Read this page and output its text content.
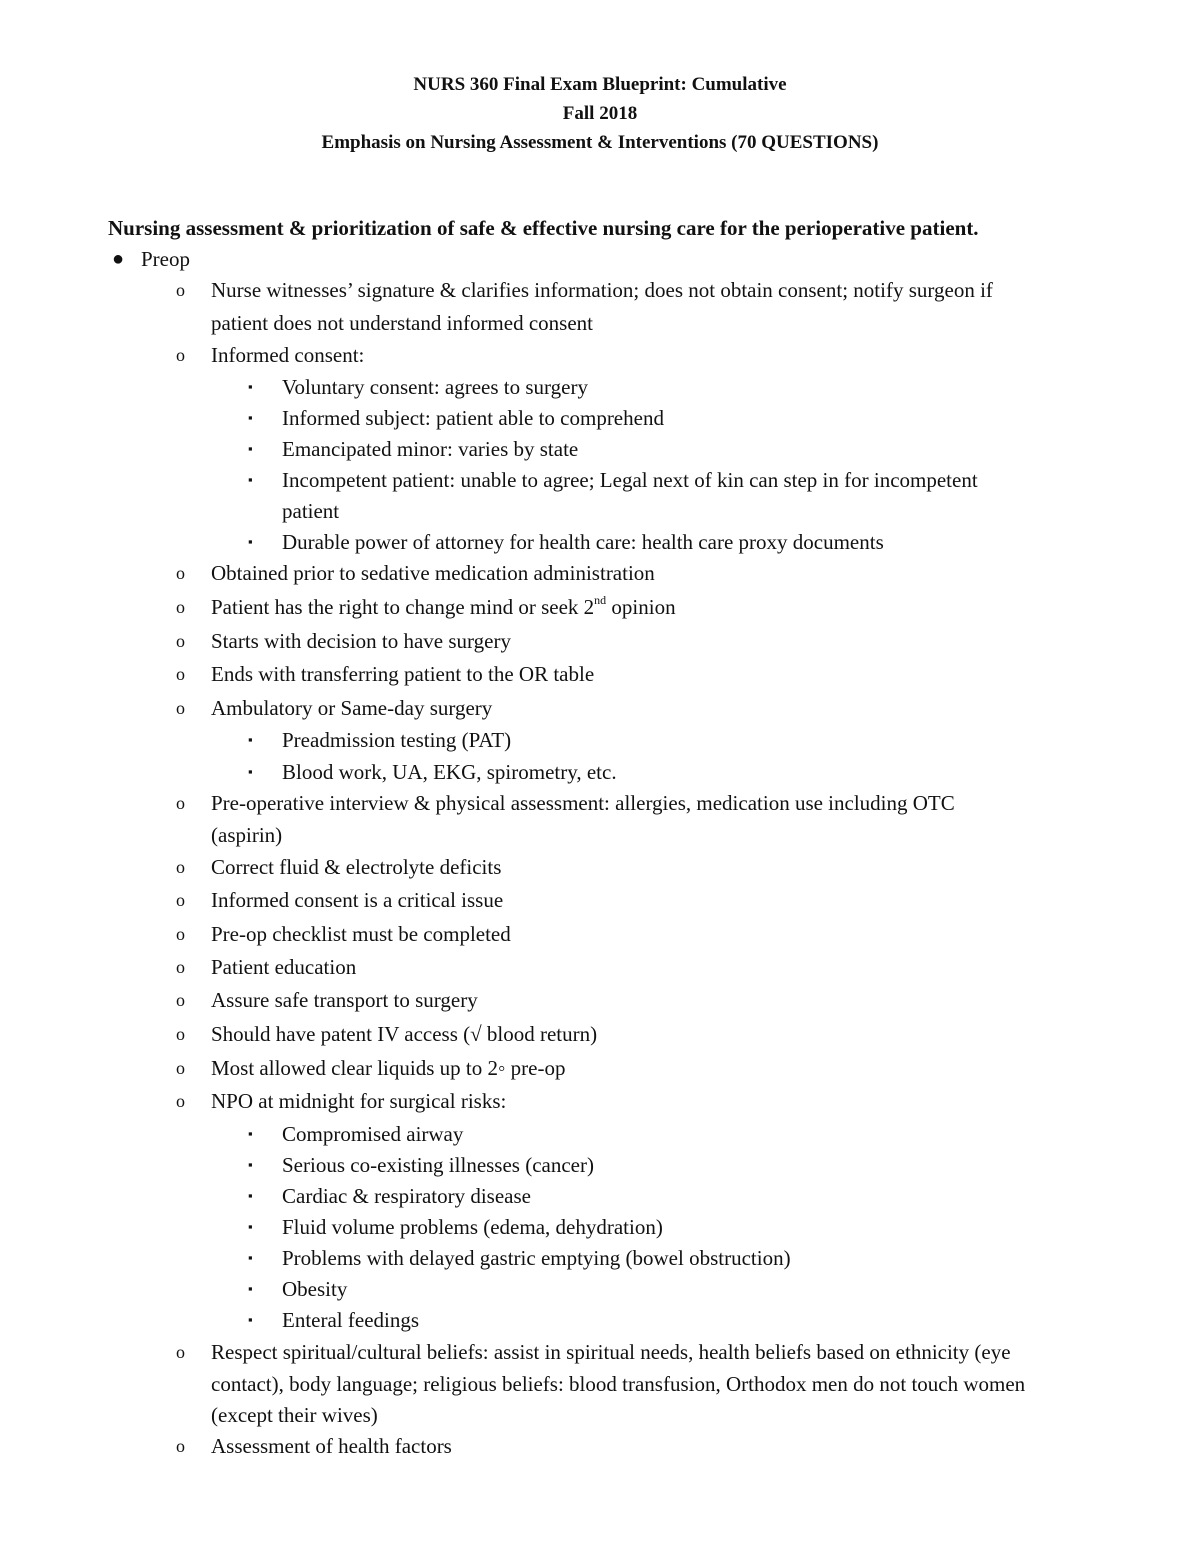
NURS 360 Final Exam Blueprint: Cumulative
Fall 2018
Emphasis on Nursing Assessment & Interventions (70 QUESTIONS)
Nursing assessment & prioritization of safe & effective nursing care for the perioperative patient.
● Preop
o Nurse witnesses’ signature & clarifies information; does not obtain consent; notify surgeon if
patient does not understand informed consent
o Informed consent:
▪ Voluntary consent: agrees to surgery
▪ Informed subject: patient able to comprehend
▪ Emancipated minor: varies by state
▪ Incompetent patient: unable to agree; Legal next of kin can step in for incompetent
patient
▪ Durable power of attorney for health care: health care proxy documents
o Obtained prior to sedative medication administration
o Patient has the right to change mind or seek 2nd opinion
o Starts with decision to have surgery
o Ends with transferring patient to the OR table
o Ambulatory or Same-day surgery
▪ Preadmission testing (PAT)
▪ Blood work, UA, EKG, spirometry, etc.
o Pre-operative interview & physical assessment: allergies, medication use including OTC
(aspirin)
o Correct fluid & electrolyte deficits
o Informed consent is a critical issue
o Pre-op checklist must be completed
o Patient education
o Assure safe transport to surgery
o Should have patent IV access (√ blood return)
o Most allowed clear liquids up to 2◦ pre-op
o NPO at midnight for surgical risks:
▪ Compromised airway
▪ Serious co-existing illnesses (cancer)
▪ Cardiac & respiratory disease
▪ Fluid volume problems (edema, dehydration)
▪ Problems with delayed gastric emptying (bowel obstruction)
▪ Obesity
▪ Enteral feedings
o Respect spiritual/cultural beliefs: assist in spiritual needs, health beliefs based on ethnicity (eye
contact), body language; religious beliefs: blood transfusion, Orthodox men do not touch women
(except their wives)
o Assessment of health factors
